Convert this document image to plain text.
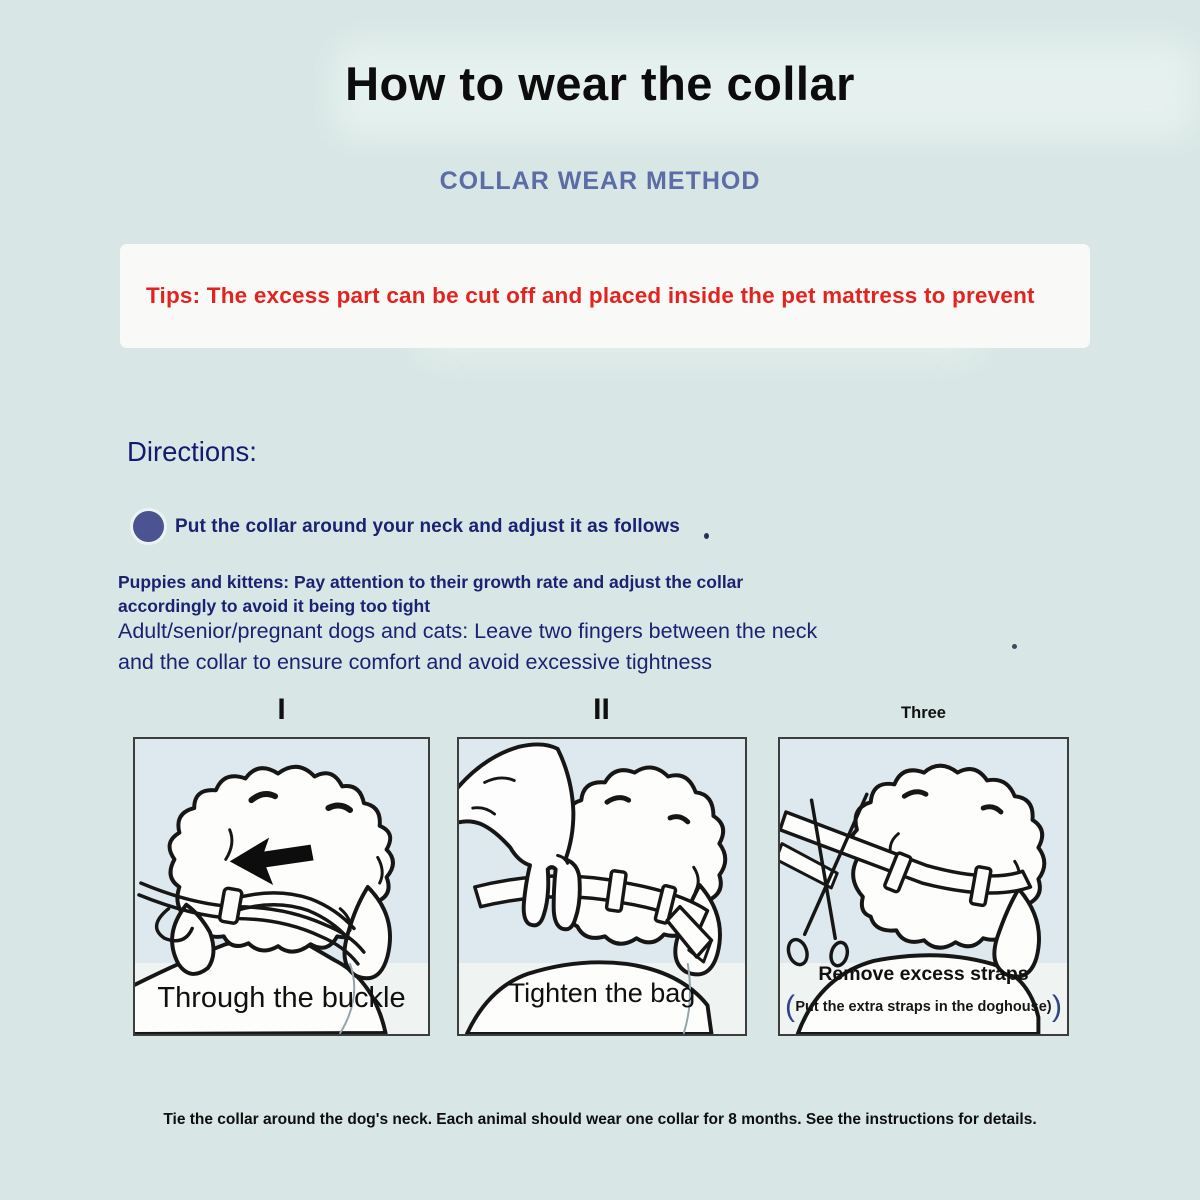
How to wear the collar
COLLAR WEAR METHOD
Tips: The excess part can be cut off and placed inside the pet mattress to prevent
Directions:
Put the collar around your neck and adjust it as follows
Puppies and kittens: Pay attention to their growth rate and adjust the collar
accordingly to avoid it being too tight
Adult/senior/pregnant dogs and cats: Leave two fingers between the neck
and the collar to ensure comfort and avoid excessive tightness
I	II	Three
Through the buckle	Tighten the bag
Remove excess straps
( Put the extra straps in the doghouse) )
Tie the collar around the dog's neck. Each animal should wear one collar for 8 months. See the instructions for details.
